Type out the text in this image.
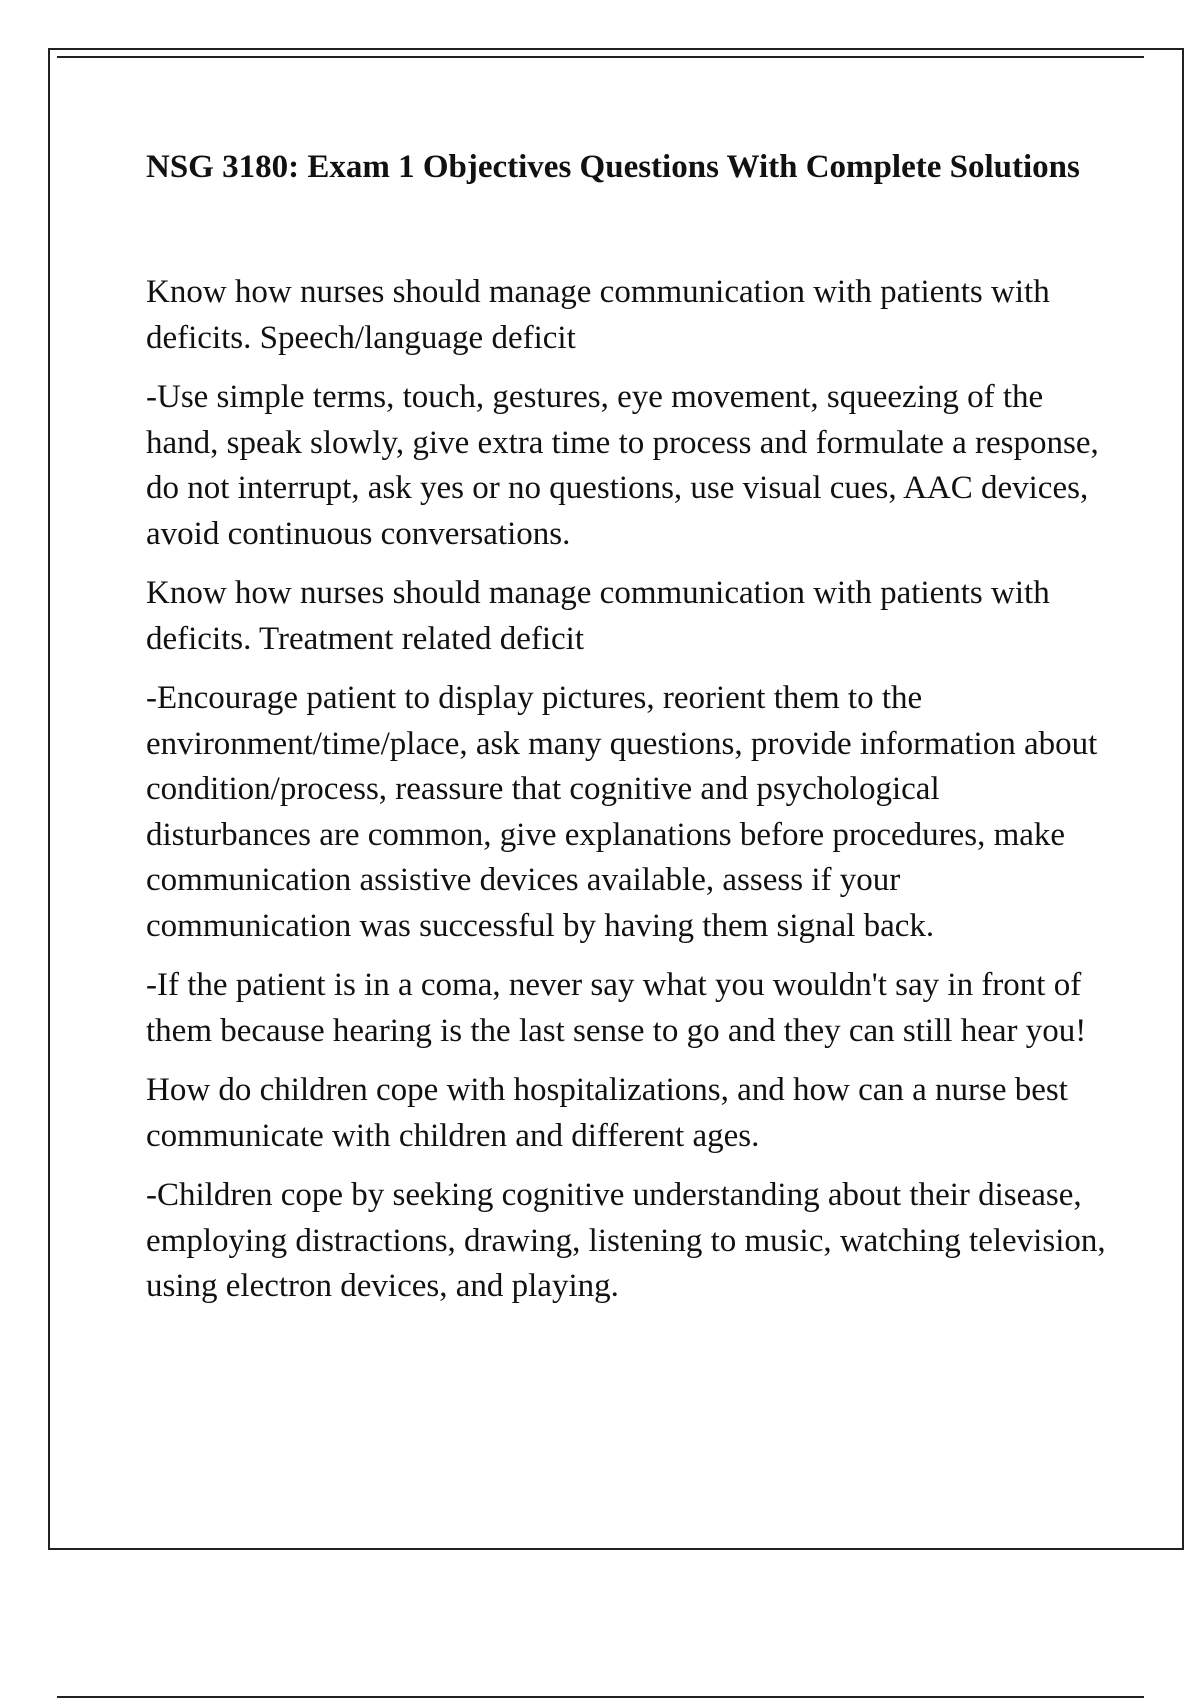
NSG 3180: Exam 1 Objectives Questions With Complete Solutions

Know how nurses should manage communication with patients with deficits. Speech/language deficit

-Use simple terms, touch, gestures, eye movement, squeezing of the hand, speak slowly, give extra time to process and formulate a response, do not interrupt, ask yes or no questions, use visual cues, AAC devices, avoid continuous conversations.

Know how nurses should manage communication with patients with deficits. Treatment related deficit

-Encourage patient to display pictures, reorient them to the environment/time/place, ask many questions, provide information about condition/process, reassure that cognitive and psychological disturbances are common, give explanations before procedures, make communication assistive devices available, assess if your communication was successful by having them signal back.

-If the patient is in a coma, never say what you wouldn't say in front of them because hearing is the last sense to go and they can still hear you!

How do children cope with hospitalizations, and how can a nurse best communicate with children and different ages.

-Children cope by seeking cognitive understanding about their disease, employing distractions, drawing, listening to music, watching television, using electron devices, and playing.
